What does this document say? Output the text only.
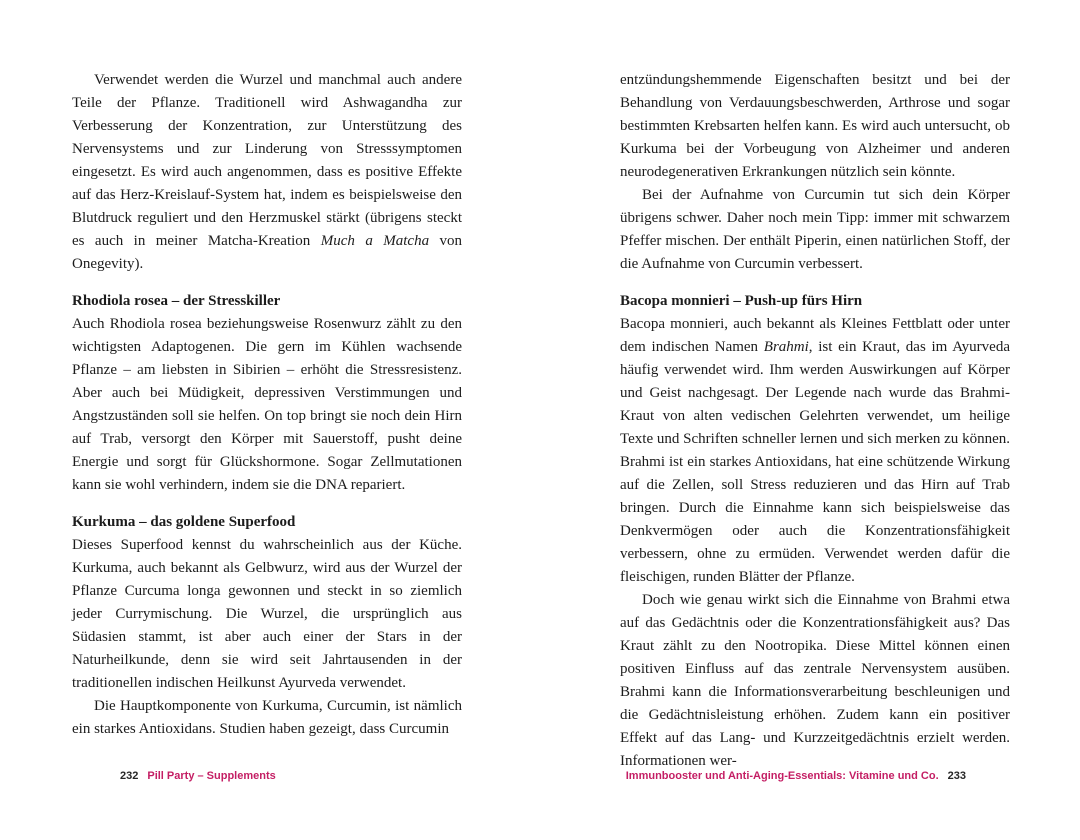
Verwendet werden die Wurzel und manchmal auch andere Teile der Pflanze. Traditionell wird Ashwagandha zur Verbesserung der Konzentration, zur Unterstützung des Nervensystems und zur Linderung von Stresssymptomen eingesetzt. Es wird auch angenommen, dass es positive Effekte auf das Herz-Kreislauf-System hat, indem es beispielsweise den Blutdruck reguliert und den Herzmuskel stärkt (übrigens steckt es auch in meiner Matcha-Kreation Much a Matcha von Onegevity).

Rhodiola rosea – der Stresskiller

Auch Rhodiola rosea beziehungsweise Rosenwurz zählt zu den wichtigsten Adaptogenen. Die gern im Kühlen wachsende Pflanze – am liebsten in Sibirien – erhöht die Stressresistenz. Aber auch bei Müdigkeit, depressiven Verstimmungen und Angstzuständen soll sie helfen. On top bringt sie noch dein Hirn auf Trab, versorgt den Körper mit Sauerstoff, pusht deine Energie und sorgt für Glückshormone. Sogar Zellmutationen kann sie wohl verhindern, indem sie die DNA repariert.

Kurkuma – das goldene Superfood

Dieses Superfood kennst du wahrscheinlich aus der Küche. Kurkuma, auch bekannt als Gelbwurz, wird aus der Wurzel der Pflanze Curcuma longa gewonnen und steckt in so ziemlich jeder Currymischung. Die Wurzel, die ursprünglich aus Südasien stammt, ist aber auch einer der Stars in der Naturheilkunde, denn sie wird seit Jahrtausenden in der traditionellen indischen Heilkunst Ayurveda verwendet.

Die Hauptkomponente von Kurkuma, Curcumin, ist nämlich ein starkes Antioxidans. Studien haben gezeigt, dass Curcumin

232 Pill Party – Supplements

entzündungshemmende Eigenschaften besitzt und bei der Behandlung von Verdauungsbeschwerden, Arthrose und sogar bestimmten Krebsarten helfen kann. Es wird auch untersucht, ob Kurkuma bei der Vorbeugung von Alzheimer und anderen neurodegenerativen Erkrankungen nützlich sein könnte.

Bei der Aufnahme von Curcumin tut sich dein Körper übrigens schwer. Daher noch mein Tipp: immer mit schwarzem Pfeffer mischen. Der enthält Piperin, einen natürlichen Stoff, der die Aufnahme von Curcumin verbessert.

Bacopa monnieri – Push-up fürs Hirn

Bacopa monnieri, auch bekannt als Kleines Fettblatt oder unter dem indischen Namen Brahmi, ist ein Kraut, das im Ayurveda häufig verwendet wird. Ihm werden Auswirkungen auf Körper und Geist nachgesagt. Der Legende nach wurde das Brahmi-Kraut von alten vedischen Gelehrten verwendet, um heilige Texte und Schriften schneller lernen und sich merken zu können. Brahmi ist ein starkes Antioxidans, hat eine schützende Wirkung auf die Zellen, soll Stress reduzieren und das Hirn auf Trab bringen. Durch die Einnahme kann sich beispielsweise das Denkvermögen oder auch die Konzentrationsfähigkeit verbessern, ohne zu ermüden. Verwendet werden dafür die fleischigen, runden Blätter der Pflanze.

Doch wie genau wirkt sich die Einnahme von Brahmi etwa auf das Gedächtnis oder die Konzentrationsfähigkeit aus? Das Kraut zählt zu den Nootropika. Diese Mittel können einen positiven Einfluss auf das zentrale Nervensystem ausüben. Brahmi kann die Informationsverarbeitung beschleunigen und die Gedächtnisleistung erhöhen. Zudem kann ein positiver Effekt auf das Lang- und Kurzzeitgedächtnis erzielt werden. Informationen wer-

Immunbooster und Anti-Aging-Essentials: Vitamine und Co. 233
